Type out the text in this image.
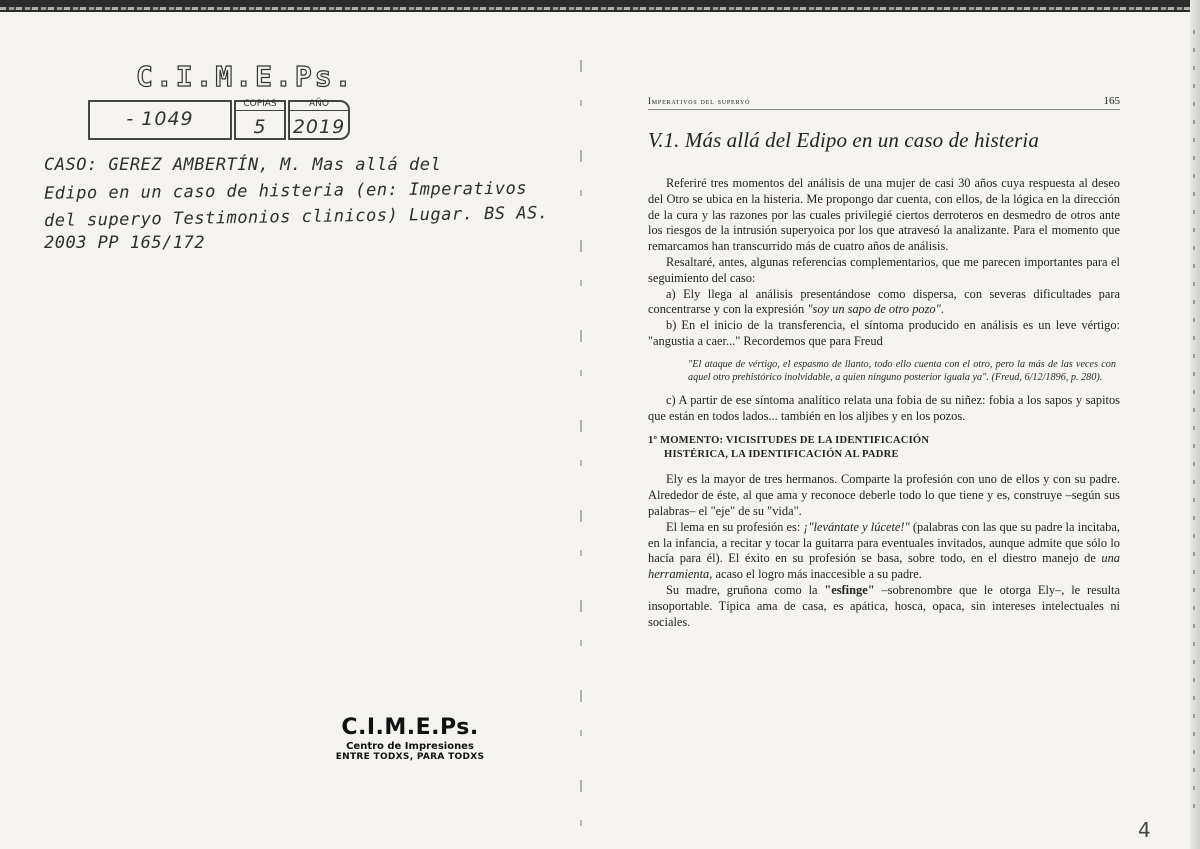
C.I.M.E.Ps.
- 1049
COPIAS
5
AÑO
2019
CASO: GEREZ AMBERTÍN, M. Mas allá del
Edipo en un caso de histeria (en: Imperativos
del superyo Testimonios clinicos) Lugar. BS AS.
2003 PP 165/172
C.I.M.E.Ps.
Centro de Impresiones
ENTRE TODXS, PARA TODXS
Imperativos del superyó	165
V.1. Más allá del Edipo en un caso de histeria

Referiré tres momentos del análisis de una mujer de casi 30 años cuya respuesta al deseo del Otro se ubica en la histeria. Me propongo dar cuenta, con ellos, de la lógica en la dirección de la cura y las razones por las cuales privilegié ciertos derroteros en desmedro de otros ante los riesgos de la intrusión superyoica por los que atravesó la analizante. Para el momento que remarcamos han transcurrido más de cuatro años de análisis.

Resaltaré, antes, algunas referencias complementarios, que me parecen importantes para el seguimiento del caso:

a) Ely llega al análisis presentándose como dispersa, con severas dificultades para concentrarse y con la expresión "soy un sapo de otro pozo".

b) En el inicio de la transferencia, el síntoma producido en análisis es un leve vértigo: "angustia a caer..." Recordemos que para Freud

"El ataque de vértigo, el espasmo de llanto, todo ello cuenta con el otro, pero la más de las veces con aquel otro prehistórico inolvidable, a quien ninguno posterior iguala ya". (Freud, 6/12/1896, p. 280).

c) A partir de ese síntoma analítico relata una fobia de su niñez: fobia a los sapos y sapitos que están en todos lados... también en los aljibes y en los pozos.

1º MOMENTO: VICISITUDES DE LA IDENTIFICACIÓN
HISTÉRICA, LA IDENTIFICACIÓN AL PADRE

Ely es la mayor de tres hermanos. Comparte la profesión con uno de ellos y con su padre. Alrededor de éste, al que ama y reconoce deberle todo lo que tiene y es, construye –según sus palabras– el "eje" de su "vida".

El lema en su profesión es: ¡"levántate y lúcete!" (palabras con las que su padre la incitaba, en la infancia, a recitar y tocar la guitarra para eventuales invitados, aunque admite que sólo lo hacía para él). El éxito en su profesión se basa, sobre todo, en el diestro manejo de una herramienta, acaso el logro más inaccesible a su padre.

Su madre, gruñona como la "esfinge" –sobrenombre que le otorga Ely–, le resulta insoportable. Típica ama de casa, es apática, hosca, opaca, sin intereses intelectuales ni sociales.

4
